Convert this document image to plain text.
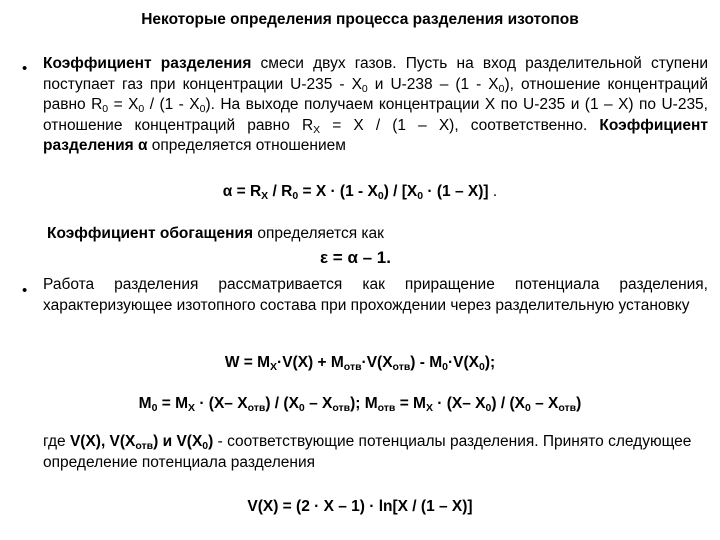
Некоторые определения процесса разделения изотопов
• Коэффициент разделения смеси двух газов. Пусть на вход разделительной ступени поступает газ при концентрации $U-235 - X_0$ и $U-238 - (1 - X_0)$, отношение концентраций равно $R_0 = X_0 / (1 - X_0)$. На выходе получаем концентрации X по U-235 и (1 – X) по U-235, отношение концентраций равно $R_X = X / (1 - X)$, соответственно. Коэффициент разделения α определяется отношением
$\alpha = R_X / R_0 = X \cdot (1 - X_0) / [X_0 \cdot (1 - X)]$ .
Коэффициент обогащения определяется как
ε = α – 1.
• Работа разделения рассматривается как приращение потенциала разделения, характеризующее изотопного состава при прохождении через разделительную установку
$W = M_X\cdot V(X) + M_{отв}\cdot V(X_{отв}) - M_0\cdot V(X_0)$;
$M_0 = M_X \cdot (X-$ $X_{отв}) / (X_0 - X_{отв})$; $M_{отв} = M_X \cdot (X-$ $X_0) / (X_0 - X_{отв})$
где V(X), $V(X_{отв})$ и $V(X_0)$ - соответствующие потенциалы разделения. Принято следующее определение потенциала разделения
V(X) = (2 · X – 1) · ln[X / (1 – X)]
